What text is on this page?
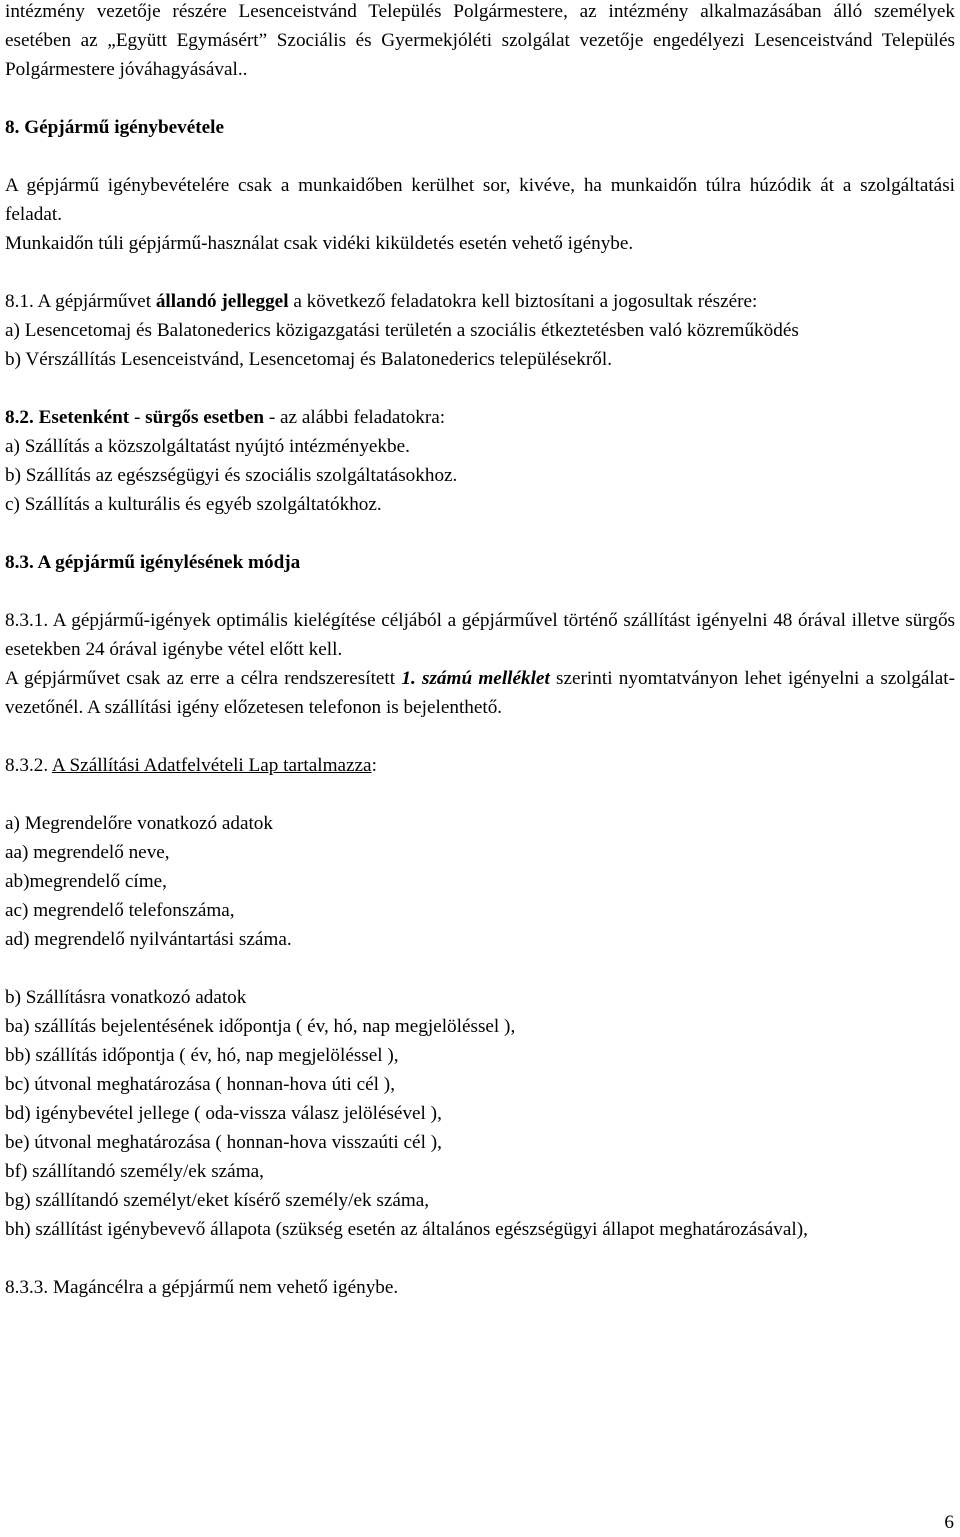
intézmény vezetője részére Lesenceistvánd Település Polgármestere, az intézmény alkalmazásában álló személyek esetében az „Együtt Egymásért” Szociális és Gyermekjóléti szolgálat vezetője engedélyezi Lesenceistvánd Település Polgármestere jóváhagyásával..

8. Gépjármű igénybevétele

A gépjármű igénybevételére csak a munkaidőben kerülhet sor, kivéve, ha munkaidőn túlra húzódik át a szolgáltatási feladat.

Munkaidőn túli gépjármű-használat csak vidéki kiküldetés esetén vehető igénybe.

8.1. A gépjárművet állandó jelleggel a következő feladatokra kell biztosítani a jogosultak részére:

a) Lesencetomaj és Balatonederics közigazgatási területén a szociális étkeztetésben való közreműködés

b) Vérszállítás Lesenceistvánd, Lesencetomaj és Balatonederics településekről.

8.2. Esetenként - sürgős esetben - az alábbi feladatokra:

a) Szállítás a közszolgáltatást nyújtó intézményekbe.

b) Szállítás az egészségügyi és szociális szolgáltatásokhoz.

c) Szállítás a kulturális és egyéb szolgáltatókhoz.

8.3. A gépjármű igénylésének módja

8.3.1. A gépjármű-igények optimális kielégítése céljából a gépjárművel történő szállítást igényelni 48 órával illetve sürgős esetekben 24 órával igénybe vétel előtt kell.

A gépjárművet csak az erre a célra rendszeresített 1. számú melléklet szerinti nyomtatványon lehet igényelni a szolgálat-vezetőnél. A szállítási igény előzetesen telefonon is bejelenthető.

8.3.2. A Szállítási Adatfelvételi Lap tartalmazza:

a) Megrendelőre vonatkozó adatok

aa) megrendelő neve,

ab)megrendelő címe,

ac) megrendelő telefonszáma,

ad) megrendelő nyilvántartási száma.

b) Szállításra vonatkozó adatok

ba) szállítás bejelentésének időpontja ( év, hó, nap megjelöléssel ),

bb) szállítás időpontja ( év, hó, nap megjelöléssel ),

bc) útvonal meghatározása ( honnan-hova úti cél ),

bd) igénybevétel jellege ( oda-vissza válasz jelölésével ),

be) útvonal meghatározása ( honnan-hova visszaúti cél ),

bf) szállítandó személy/ek száma,

bg) szállítandó személyt/eket kísérő személy/ek száma,

bh) szállítást igénybevevő állapota (szükség esetén az általános egészségügyi állapot meghatározásával),

8.3.3. Magáncélra a gépjármű nem vehető igénybe.

6
